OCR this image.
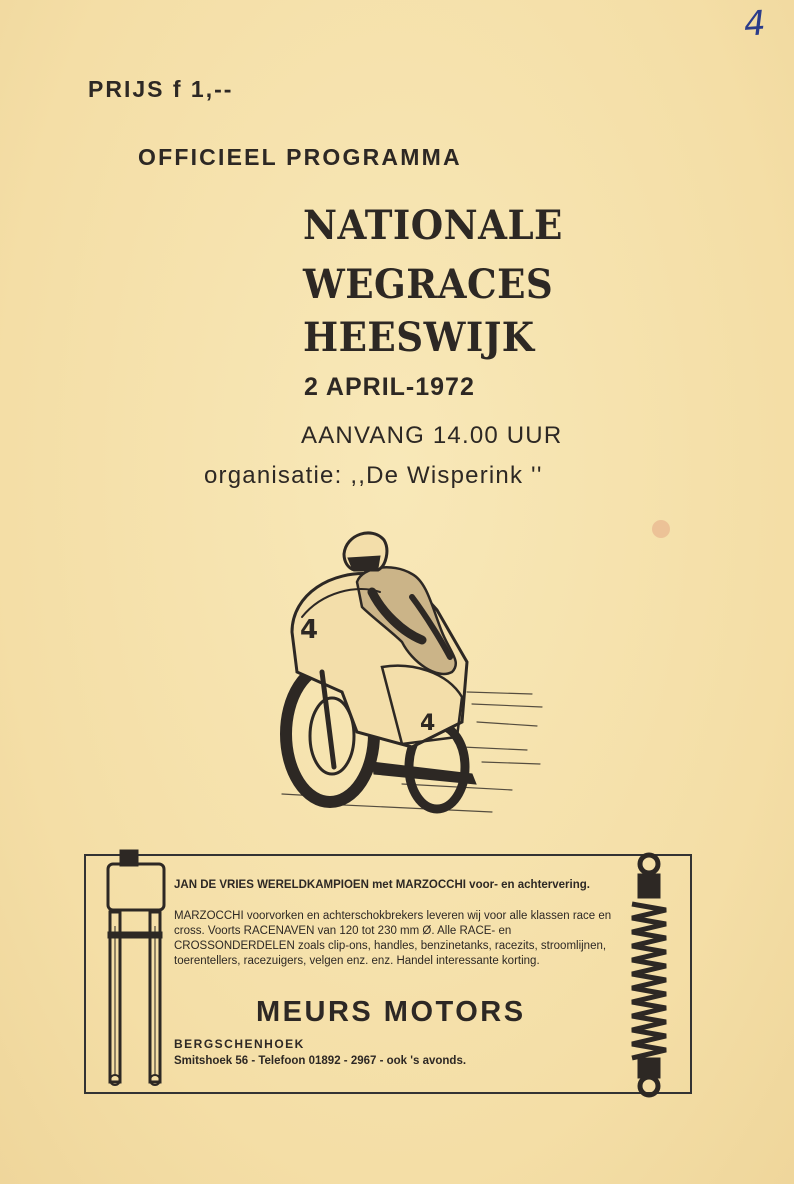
4
PRIJS f 1,--
OFFICIEEL PROGRAMMA
NATIONALE
WEGRACES
HEESWIJK
2 APRIL-1972
AANVANG 14.00 UUR
organisatie: ,,De Wisperink ''
4
4
JAN DE VRIES WERELDKAMPIOEN met MARZOCCHI voor- en achtervering.
MARZOCCHI voorvorken en achterschokbrekers leveren wij voor alle klassen race en cross. Voorts RACENAVEN van 120 tot 230 mm Ø. Alle RACE- en CROSSONDERDELEN zoals clip-ons, handles, benzinetanks, racezits, stroomlijnen, toerentellers, racezuigers, velgen enz. enz. Handel interessante korting.
MEURS MOTORS
BERGSCHENHOEK
Smitshoek 56 - Telefoon 01892 - 2967 - ook 's avonds.
